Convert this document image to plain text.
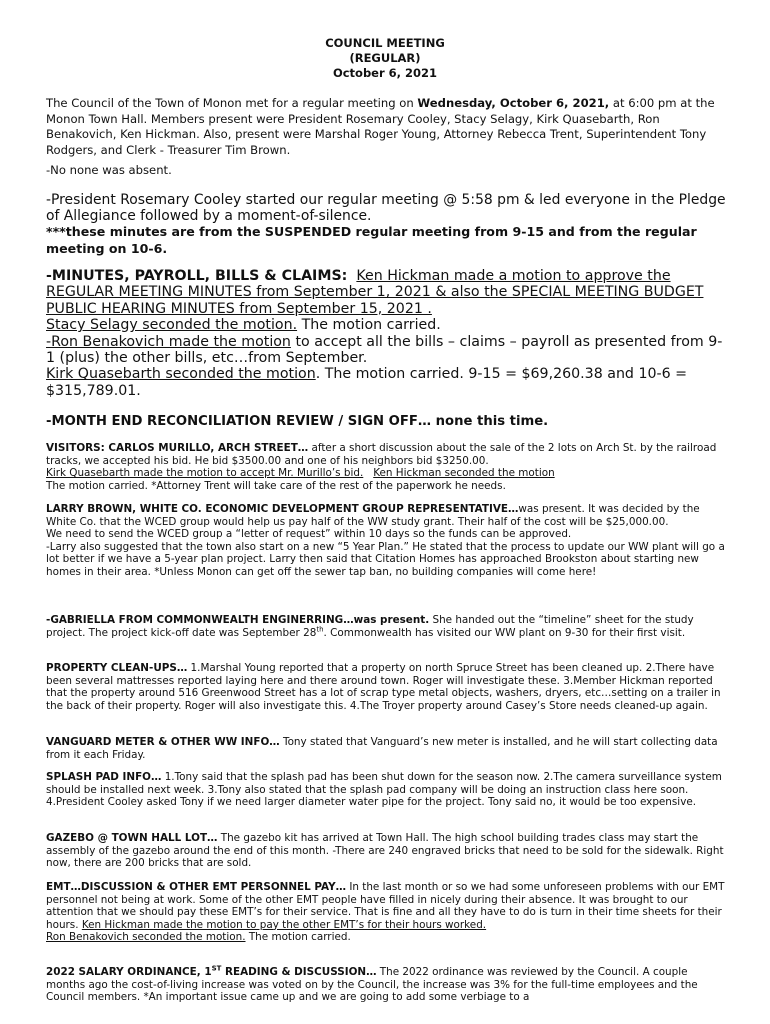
COUNCIL MEETING
(REGULAR)
October 6, 2021
The Council of the Town of Monon met for a regular meeting on Wednesday, October 6, 2021, at 6:00 pm at the Monon Town Hall. Members present were President Rosemary Cooley, Stacy Selagy, Kirk Quasebarth, Ron Benakovich, Ken Hickman. Also, present were Marshal Roger Young, Attorney Rebecca Trent, Superintendent Tony Rodgers, and Clerk - Treasurer Tim Brown.
-No none was absent.

-President Rosemary Cooley started our regular meeting @ 5:58 pm & led everyone in the Pledge of Allegiance followed by a moment-of-silence.

***these minutes are from the SUSPENDED regular meeting from 9-15 and from the regular meeting on 10-6.

-MINUTES, PAYROLL, BILLS & CLAIMS: Ken Hickman made a motion to approve the REGULAR MEETING MINUTES from September 1, 2021 & also the SPECIAL MEETING BUDGET PUBLIC HEARING MINUTES from September 15, 2021 .

Stacy Selagy seconded the motion. The motion carried.

-Ron Benakovich made the motion to accept all the bills – claims – payroll as presented from 9-1 (plus) the other bills, etc…from September.

Kirk Quasebarth seconded the motion. The motion carried. 9-15 = $69,260.38 and 10-6 = $315,789.01.

-MONTH END RECONCILIATION REVIEW / SIGN OFF… none this time.

VISITORS: CARLOS MURILLO, ARCH STREET… after a short discussion about the sale of the 2 lots on Arch St. by the railroad tracks, we accepted his bid. He bid $3500.00 and one of his neighbors bid $3250.00.

Kirk Quasebarth made the motion to accept Mr. Murillo’s bid. Ken Hickman seconded the motion

The motion carried. *Attorney Trent will take care of the rest of the paperwork he needs.

LARRY BROWN, WHITE CO. ECONOMIC DEVELOPMENT GROUP REPRESENTATIVE…was present. It was decided by the White Co. that the WCED group would help us pay half of the WW study grant. Their half of the cost will be $25,000.00.

We need to send the WCED group a “letter of request” within 10 days so the funds can be approved.

-Larry also suggested that the town also start on a new “5 Year Plan.” He stated that the process to update our WW plant will go a lot better if we have a 5-year plan project. Larry then said that Citation Homes has approached Brookston about starting new homes in their area. *Unless Monon can get off the sewer tap ban, no building companies will come here!

-GABRIELLA FROM COMMONWEALTH ENGINERRING…was present. She handed out the “timeline” sheet for the study project. The project kick-off date was September 28th. Commonwealth has visited our WW plant on 9-30 for their first visit.
PROPERTY CLEAN-UPS… 1.Marshal Young reported that a property on north Spruce Street has been cleaned up. 2.There have been several mattresses reported laying here and there around town. Roger will investigate these. 3.Member Hickman reported that the property around 516 Greenwood Street has a lot of scrap type metal objects, washers, dryers, etc…setting on a trailer in the back of their property. Roger will also investigate this. 4.The Troyer property around Casey’s Store needs cleaned-up again.
VANGUARD METER & OTHER WW INFO… Tony stated that Vanguard’s new meter is installed, and he will start collecting data from it each Friday.
SPLASH PAD INFO… 1.Tony said that the splash pad has been shut down for the season now. 2.The camera surveillance system should be installed next week. 3.Tony also stated that the splash pad company will be doing an instruction class here soon. 4.President Cooley asked Tony if we need larger diameter water pipe for the project. Tony said no, it would be too expensive.
GAZEBO @ TOWN HALL LOT… The gazebo kit has arrived at Town Hall. The high school building trades class may start the assembly of the gazebo around the end of this month. -There are 240 engraved bricks that need to be sold for the sidewalk. Right now, there are 200 bricks that are sold.

EMT…DISCUSSION & OTHER EMT PERSONNEL PAY… In the last month or so we had some unforeseen problems with our EMT personnel not being at work. Some of the other EMT people have filled in nicely during their absence. It was brought to our attention that we should pay these EMT’s for their service. That is fine and all they have to do is turn in their time sheets for their hours. Ken Hickman made the motion to pay the other EMT’s for their hours worked.

Ron Benakovich seconded the motion. The motion carried.

2022 SALARY ORDINANCE, 1ST READING & DISCUSSION… The 2022 ordinance was reviewed by the Council. A couple months ago the cost-of-living increase was voted on by the Council, the increase was 3% for the full-time employees and the Council members. *An important issue came up and we are going to add some verbiage to a
